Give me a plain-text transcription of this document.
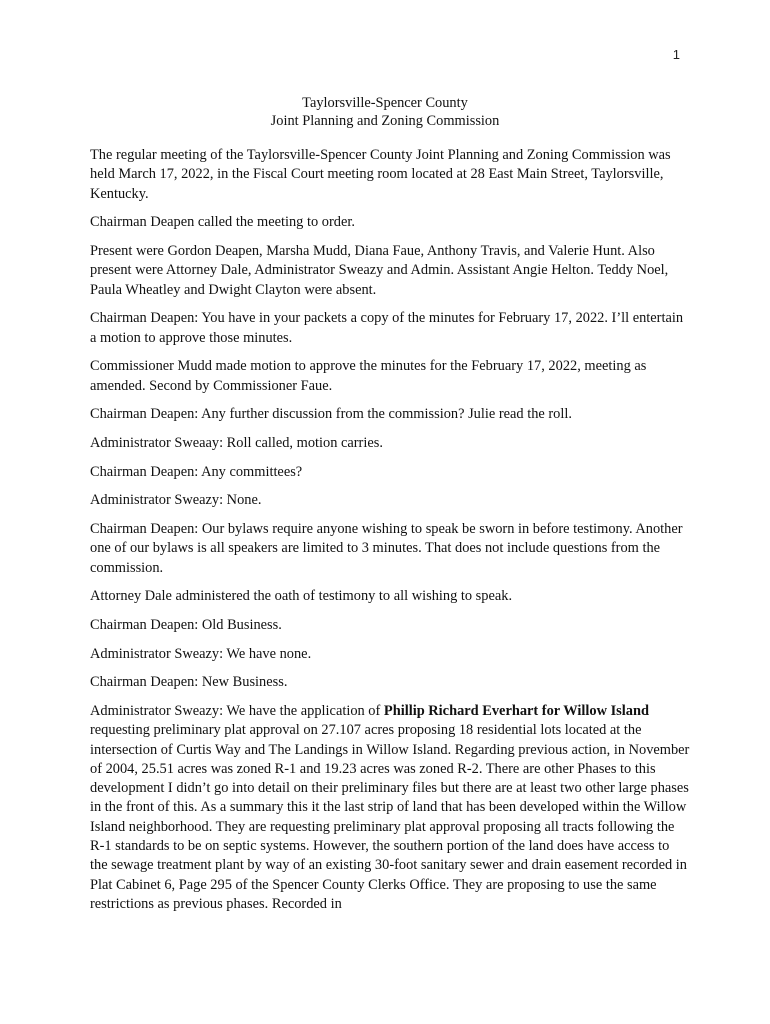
1
Taylorsville-Spencer County
Joint Planning and Zoning Commission

The regular meeting of the Taylorsville-Spencer County Joint Planning and Zoning Commission was held March 17, 2022, in the Fiscal Court meeting room located at 28 East Main Street, Taylorsville, Kentucky.

Chairman Deapen called the meeting to order.

Present were Gordon Deapen, Marsha Mudd, Diana Faue, Anthony Travis, and Valerie Hunt. Also present were Attorney Dale, Administrator Sweazy and Admin. Assistant Angie Helton. Teddy Noel, Paula Wheatley and Dwight Clayton were absent.

Chairman Deapen: You have in your packets a copy of the minutes for February 17, 2022. I’ll entertain a motion to approve those minutes.

Commissioner Mudd made motion to approve the minutes for the February 17, 2022, meeting as amended. Second by Commissioner Faue.

Chairman Deapen: Any further discussion from the commission? Julie read the roll.

Administrator Sweaay: Roll called, motion carries.

Chairman Deapen: Any committees?

Administrator Sweazy: None.

Chairman Deapen: Our bylaws require anyone wishing to speak be sworn in before testimony. Another one of our bylaws is all speakers are limited to 3 minutes. That does not include questions from the commission.

Attorney Dale administered the oath of testimony to all wishing to speak.

Chairman Deapen: Old Business.

Administrator Sweazy: We have none.

Chairman Deapen: New Business.

Administrator Sweazy: We have the application of Phillip Richard Everhart for Willow Island requesting preliminary plat approval on 27.107 acres proposing 18 residential lots located at the intersection of Curtis Way and The Landings in Willow Island. Regarding previous action, in November of 2004, 25.51 acres was zoned R-1 and 19.23 acres was zoned R-2. There are other Phases to this development I didn’t go into detail on their preliminary files but there are at least two other large phases in the front of this. As a summary this it the last strip of land that has been developed within the Willow Island neighborhood. They are requesting preliminary plat approval proposing all tracts following the R-1 standards to be on septic systems. However, the southern portion of the land does have access to the sewage treatment plant by way of an existing 30-foot sanitary sewer and drain easement recorded in Plat Cabinet 6, Page 295 of the Spencer County Clerks Office. They are proposing to use the same restrictions as previous phases. Recorded in
